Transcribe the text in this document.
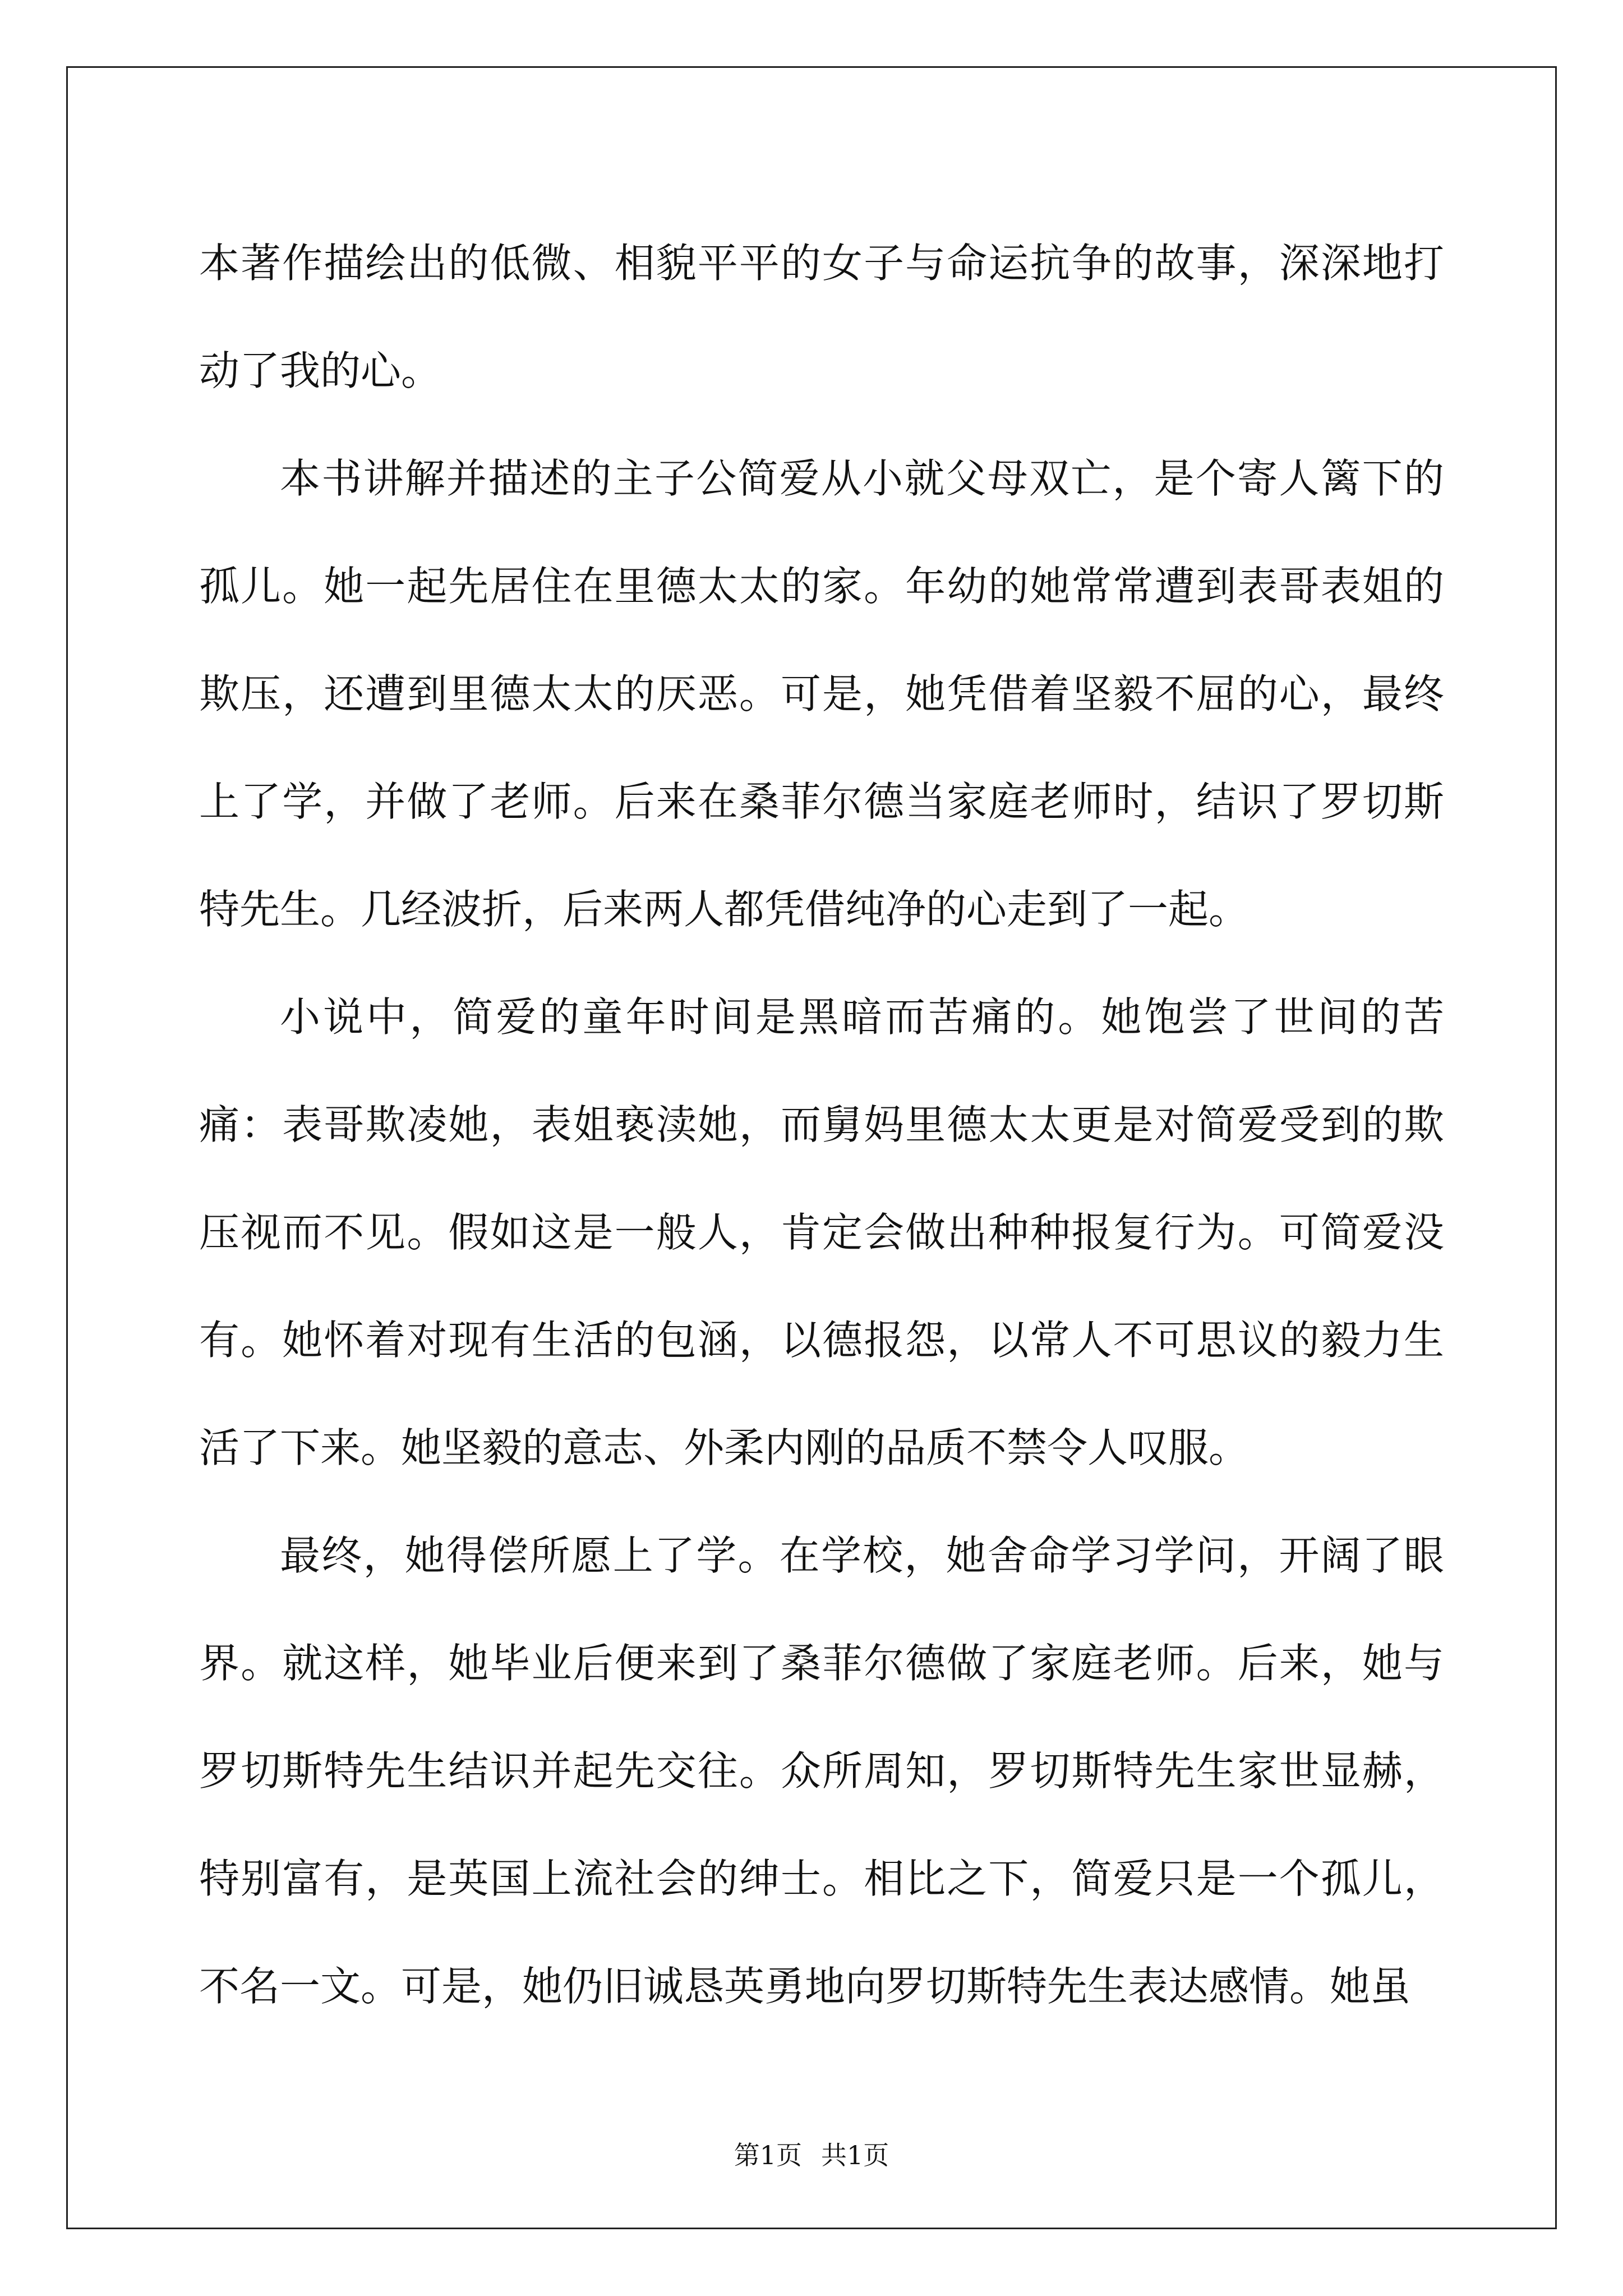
本著作描绘出的低微、相貌平平的女子与命运抗争的故事，深深地打动了我的心。

本书讲解并描述的主子公简爱从小就父母双亡，是个寄人篱下的孤儿。她一起先居住在里德太太的家。年幼的她常常遭到表哥表姐的欺压，还遭到里德太太的厌恶。可是，她凭借着坚毅不屈的心，最终上了学，并做了老师。后来在桑菲尔德当家庭老师时，结识了罗切斯特先生。几经波折，后来两人都凭借纯净的心走到了一起。

小说中，简爱的童年时间是黑暗而苦痛的。她饱尝了世间的苦痛：表哥欺凌她，表姐亵渎她，而舅妈里德太太更是对简爱受到的欺压视而不见。假如这是一般人，肯定会做出种种报复行为。可简爱没有。她怀着对现有生活的包涵，以德报怨，以常人不可思议的毅力生活了下来。她坚毅的意志、外柔内刚的品质不禁令人叹服。

最终，她得偿所愿上了学。在学校，她舍命学习学问，开阔了眼界。就这样，她毕业后便来到了桑菲尔德做了家庭老师。后来，她与罗切斯特先生结识并起先交往。众所周知，罗切斯特先生家世显赫，特别富有，是英国上流社会的绅士。相比之下，简爱只是一个孤儿，不名一文。可是，她仍旧诚恳英勇地向罗切斯特先生表达感情。她虽

第1页 共1页
